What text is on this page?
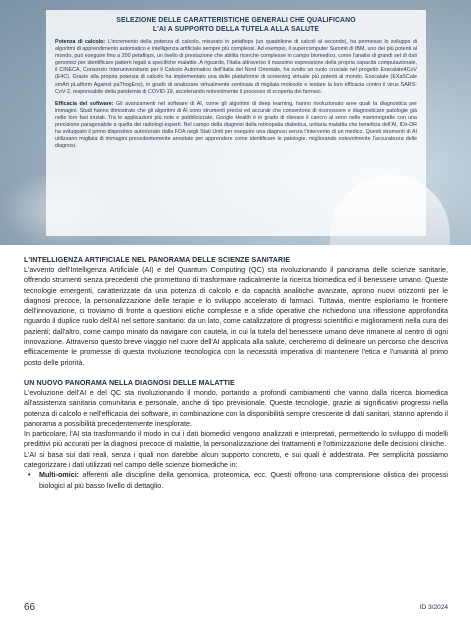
SELEZIONE DELLE CARATTERISTICHE GENERALI CHE QUALIFICANO
L'AI A SUPPORTO DELLA TUTELA ALLA SALUTE

Potenza di calcolo: L'incremento della potenza di calcolo, misurato in petaflops (un quadrilione di calcoli al secondo), ha permesso lo sviluppo di algoritmi di apprendimento automatico e intelligenza artificiale sempre più complessi. Ad esempio, il supercomputer Summit di IBM, uno dei più potenti al mondo, può eseguire fino a 200 petaflops, un livello di prestazione che abilita ricerche complesse in campo biomedico, come l'analisi di grandi set di dati genomici per identificare pattern legati a specifiche malattie. A riguardo, l'Italia attraverso il massimo espressione della propria capacità computazionale, il CINECA, Consorzio Interuniversitario per il Calcolo Automatico dell'Italia del Nord Orientale, ha svolto un ruolo cruciale nel progetto Exscalate4CoV (E4C). Grazie alla propria potenza di calcolo ha implementato una delle piattaforme di screening virtuale più potenti al mondo, Exscalate (EXaSCale smArt pLatform Against paThogEns), in grado di analizzare virtualmente centinaia di migliaia molecole e testare la loro efficacia contro il virus SARS-CoV-2, responsabile della pandemia di COVID-19, accelerando notevolmente il processo di scoperta dei farmaci.

Efficacia del software: Gli avanzamenti nel software di AI, come gli algoritmi di deep learning, hanno rivoluzionato aree quali la diagnostica per immagini. Studi hanno dimostrato che gli algoritmi di AI sono strumenti precisi ed accurati che consentono di riconoscere e diagnosticare patologie già nelle loro fasi iniziali. Tra le applicazioni più note e pubblicizzate, Google Health è in grado di rilevare il cancro al seno nelle mammografie con una precisione paragonabile a quella dei radiologi esperti. Nel campo della diagnosi della retinopatia diabetica, unitaria malattia che beneficia dell'AI, IDx-DR ha sviluppato il primo dispositivo autorizzato dalla FDA negli Stati Uniti per eseguire una diagnosi senza l'intervento di un medico. Questi strumenti di AI utilizzano migliaia di immagini precedentemente annotate per apprendere come identificare le patologie, migliorando notevolmente l'accuratezza delle diagnosi.

L'INTELLIGENZA ARTIFICIALE NEL PANORAMA DELLE SCIENZE SANITARIE

L'avvento dell'Intelligenza Artificiale (AI) e del Quantum Computing (QC) sta rivoluzionando il panorama delle scienze sanitarie, offrendo strumenti senza precedenti che promettono di trasformare radicalmente la ricerca biomedica ed il benessere umano. Queste tecnologie emergenti, caratterizzate da una potenza di calcolo e da capacità analitiche avanzate, aprono nuovi orizzonti per le diagnosi precoce, la personalizzazione delle terapie e lo sviluppo accelerato di farmaci. Tuttavia, mentre esploriamo le frontiere dell'innovazione, ci troviamo di fronte a questioni etiche complesse e a sfide operative che richiedono una riflessione approfondita riguardo il duplice ruolo dell'AI nel settore sanitario: da un lato, come catalizzatore di progressi scientifici e miglioramenti nella cura dei pazienti; dall'altro, come campo minato da navigare con cautela, in cui la tutela del benessere umano deve rimanere al centro di ogni innovazione. Attraverso questo breve viaggio nel cuore dell'AI applicata alla salute, cercheremo di delineare un percorso che descriva efficacemente le promesse di questa rivoluzione tecnologica con la necessità imperativa di mantenere l'etica e l'umanità al primo posto delle priorità.

UN NUOVO PANORAMA NELLA DIAGNOSI DELLE MALATTIE

L'evoluzione dell'AI e del QC sta rivoluzionando il mondo, portando a profondi cambiamenti che vanno dalla ricerca biomedica all'assistenza sanitaria comunitaria e personale, anche di tipo previsionale. Queste tecnologie, grazie ai significativi progressi nella potenza di calcolo e nell'efficacia dei software, in combinazione con la disponibilità sempre crescente di dati sanitari, stanno aprendo il panorama a possibilità precedentemente inesplorate.

In particolare, l'AI sta trasformando il modo in cui i dati biomedici vengono analizzati e interpretati, permettendo lo sviluppo di modelli predittivi più accurati per la diagnosi precoce di malattie, la personalizzazione dei trattamenti e l'ottimizzazione delle decisioni cliniche.

L'AI si basa sui dati reali, senza i quali non darebbe alcun supporto concreto, e sui quali è addestrata. Per semplicità possiamo categorizzare i dati utilizzati nel campo delle scienze biomediche in:

• Multi-omici: afferenti alle discipline della genomica, proteomica, ecc. Questi offrono una comprensione olistica dei processi biologici al più basso livello di dettaglio.
66	ID 3/2024
